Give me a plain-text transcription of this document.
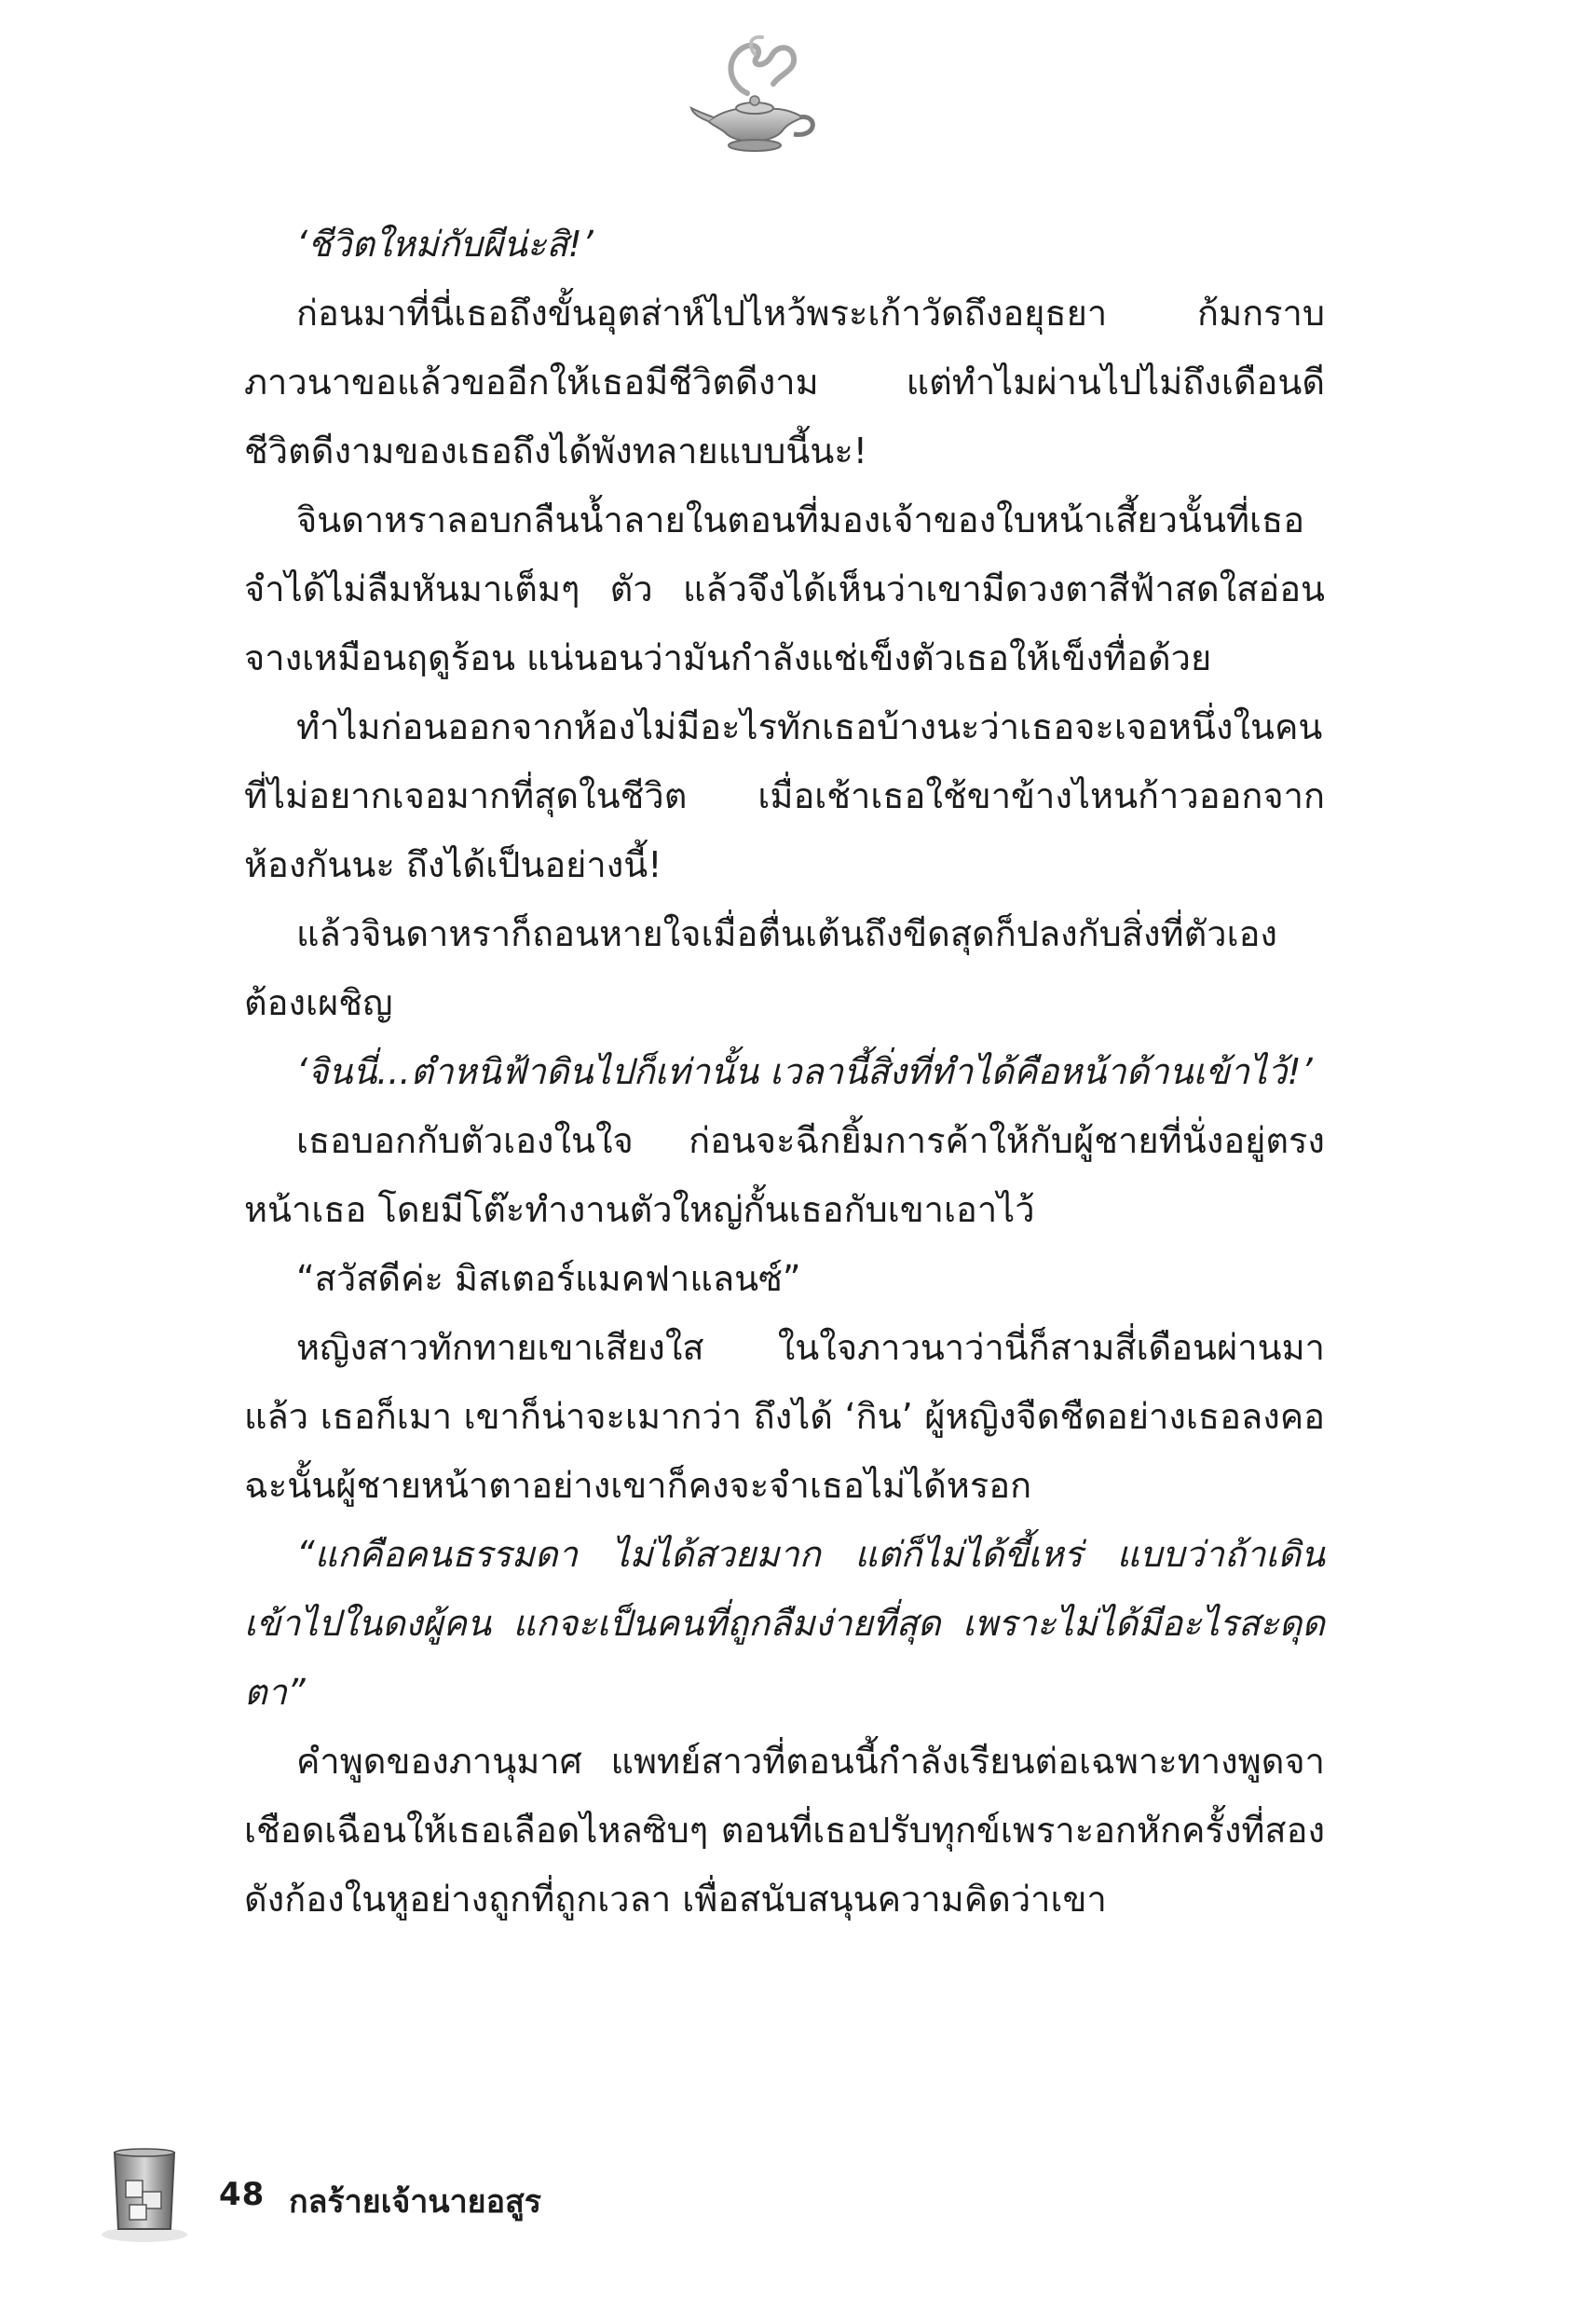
‘ชีวิตใหม่กับผีน่ะสิ!’

ก่อนมาที่นี่เธอถึงขั้นอุตส่าห์ไปไหว้พระเก้าวัดถึงอยุธยา ก้มกราบภาวนาขอแล้วขออีกให้เธอมีชีวิตดีงาม แต่ทำไมผ่านไปไม่ถึงเดือนดี ชีวิตดีงามของเธอถึงได้พังทลายแบบนี้นะ!

จินดาหราลอบกลืนน้ำลายในตอนที่มองเจ้าของใบหน้าเสี้ยวนั้นที่เธอจำได้ไม่ลืมหันมาเต็มๆ ตัว แล้วจึงได้เห็นว่าเขามีดวงตาสีฟ้าสดใสอ่อนจางเหมือนฤดูร้อน แน่นอนว่ามันกำลังแช่เข็งตัวเธอให้เข็งทื่อด้วย

ทำไมก่อนออกจากห้องไม่มีอะไรทักเธอบ้างนะว่าเธอจะเจอหนึ่งในคนที่ไม่อยากเจอมากที่สุดในชีวิต เมื่อเช้าเธอใช้ขาข้างไหนก้าวออกจากห้องกันนะ ถึงได้เป็นอย่างนี้!

แล้วจินดาหราก็ถอนหายใจเมื่อตื่นเต้นถึงขีดสุดก็ปลงกับสิ่งที่ตัวเองต้องเผชิญ

‘จินนี่...ตำหนิฟ้าดินไปก็เท่านั้น เวลานี้สิ่งที่ทำได้คือหน้าด้านเข้าไว้!’

เธอบอกกับตัวเองในใจ ก่อนจะฉีกยิ้มการค้าให้กับผู้ชายที่นั่งอยู่ตรงหน้าเธอ โดยมีโต๊ะทำงานตัวใหญ่กั้นเธอกับเขาเอาไว้

“สวัสดีค่ะ มิสเตอร์แมคฟาแลนซ์”

หญิงสาวทักทายเขาเสียงใส ในใจภาวนาว่านี่ก็สามสี่เดือนผ่านมาแล้ว เธอก็เมา เขาก็น่าจะเมากว่า ถึงได้ ‘กิน’ ผู้หญิงจืดชืดอย่างเธอลงคอ ฉะนั้นผู้ชายหน้าตาอย่างเขาก็คงจะจำเธอไม่ได้หรอก

“แกคือคนธรรมดา ไม่ได้สวยมาก แต่ก็ไม่ได้ขี้เหร่ แบบว่าถ้าเดินเข้าไปในดงผู้คน แกจะเป็นคนที่ถูกลืมง่ายที่สุด เพราะไม่ได้มีอะไรสะดุดตา”

คำพูดของภานุมาศ แพทย์สาวที่ตอนนี้กำลังเรียนต่อเฉพาะทางพูดจาเชือดเฉือนให้เธอเลือดไหลซิบๆ ตอนที่เธอปรับทุกข์เพราะอกหักครั้งที่สองดังก้องในหูอย่างถูกที่ถูกเวลา เพื่อสนับสนุนความคิดว่าเขา

48 กลร้ายเจ้านายอสูร
